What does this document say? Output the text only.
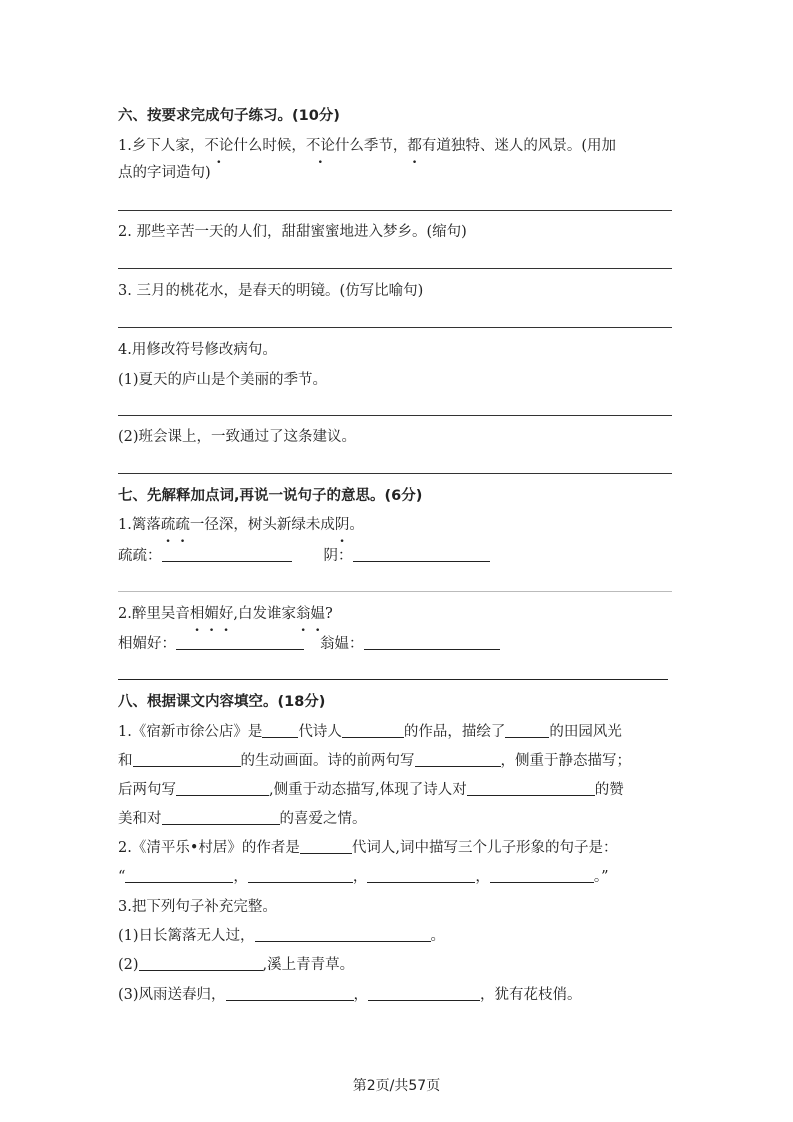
六、按要求完成句子练习。(10分)
1.乡下人家，不论什么时候，不论什么季节，都有道独特、迷人的风景。(用加
点的字词造句)
2. 那些辛苦一天的人们，甜甜蜜蜜地进入梦乡。(缩句)
3. 三月的桃花水，是春天的明镜。(仿写比喻句)
4.用修改符号修改病句。
(1)夏天的庐山是个美丽的季节。
(2)班会课上，一致通过了这条建议。
七、先解释加点词,再说一说句子的意思。(6分)
1.篱落疏疏一径深，树头新绿未成阴。
疏疏：	阴：
2.醉里吴音相媚好,白发谁家翁媪?
相媚好：	翁媪：
八、根据课文内容填空。(18分)
1.《宿新市徐公店》是 代诗人	的作品，描绘了	的田园风光
和	的生动画面。诗的前两句写	，侧重于静态描写；
后两句写	,侧重于动态描写,体现了诗人对	的赞
美和对	的喜爱之情。
2.《清平乐•村居》的作者是	代词人,词中描写三个儿子形象的句子是：
“	，	，	，	。”
3.把下列句子补充完整。
(1)日长篱落无人过，	。
(2)	,溪上青青草。
(3)风雨送春归，	，	，犹有花枝俏。
第2页/共57页
